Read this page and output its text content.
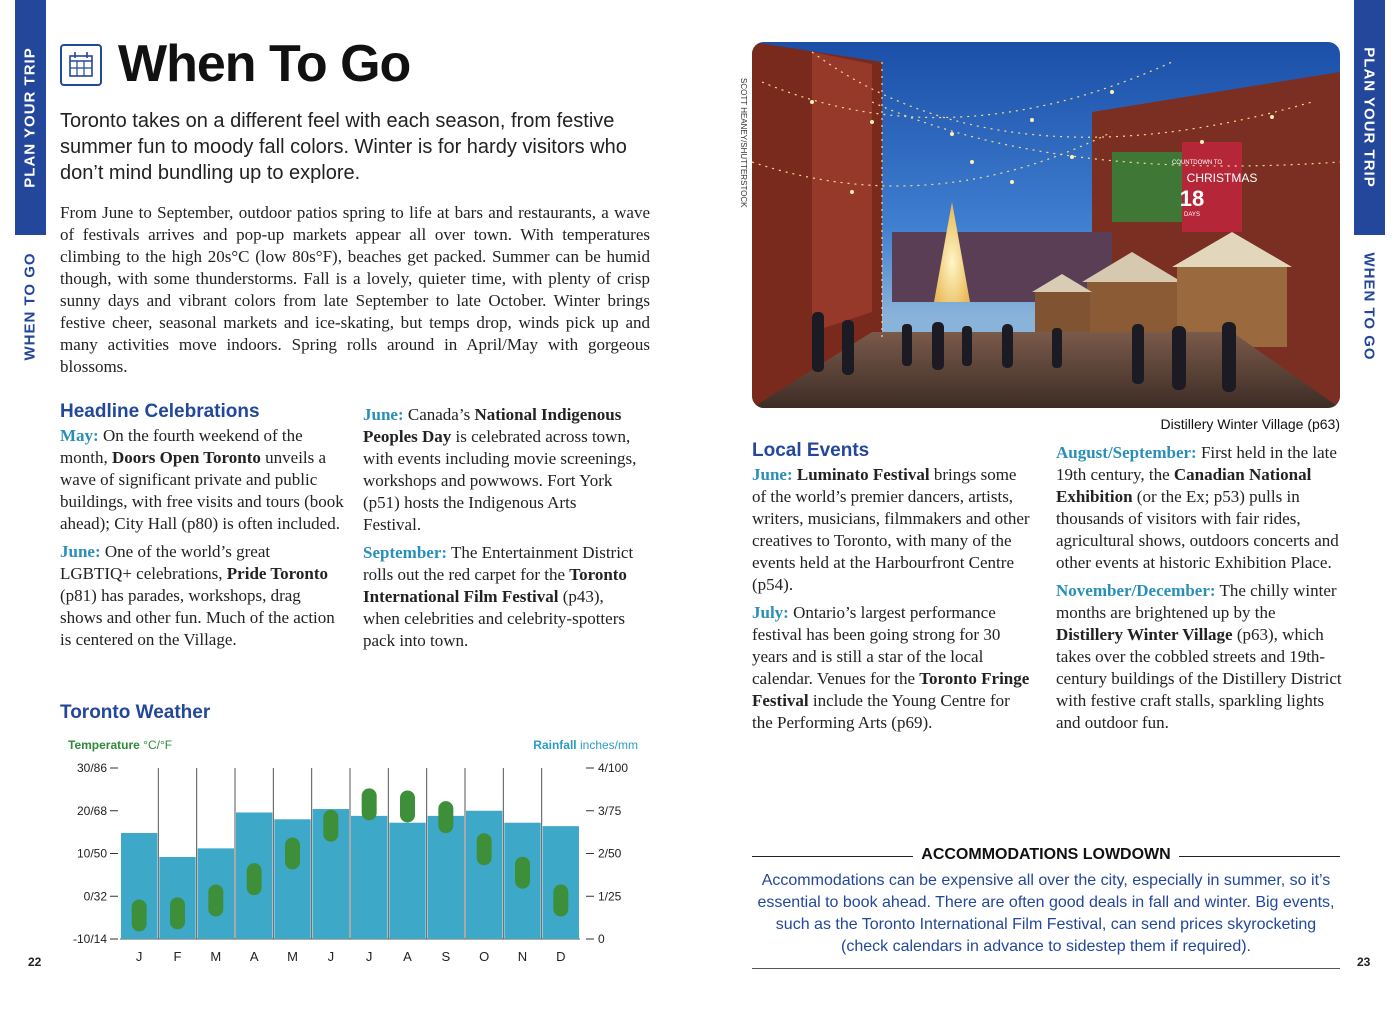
PLAN YOUR TRIP
WHEN TO GO
PLAN YOUR TRIP
WHEN TO GO
When To Go
Toronto takes on a different feel with each season, from festive summer fun to moody fall colors. Winter is for hardy visitors who don’t mind bundling up to explore.
From June to September, outdoor patios spring to life at bars and restaurants, a wave of festivals arrives and pop-up markets appear all over town. With temperatures climbing to the high 20s°C (low 80s°F), beaches get packed. Summer can be humid though, with some thunderstorms. Fall is a lovely, quieter time, with plenty of crisp sunny days and vibrant colors from late September to late October. Winter brings festive cheer, seasonal markets and ice-skating, but temps drop, winds pick up and many activities move indoors. Spring rolls around in April/May with gorgeous blossoms.
Headline Celebrations

May: On the fourth weekend of the month, Doors Open Toronto unveils a wave of significant private and public buildings, with free visits and tours (book ahead); City Hall (p80) is often included.

June: One of the world’s great LGBTIQ+ celebrations, Pride Toronto (p81) has parades, workshops, drag shows and other fun. Much of the action is centered on the Village.

June: Canada’s National Indigenous Peoples Day is celebrated across town, with events including movie screenings, workshops and powwows. Fort York (p51) hosts the Indigenous Arts Festival.

September: The Entertainment District rolls out the red carpet for the Toronto International Film Festival (p43), when celebrities and celebrity-spotters pack into town.

Toronto Weather
Temperature °C/°F	Rainfall inches/mm
30/86
20/68
10/50
0/32
-10/14
4/100
3/75
2/50
1/25
0
J F M A M J J A S O N D
22	23
SCOTT HEANEY/SHUTTERSTOCK	CHRISTMAS
COUNTDOWN TO
18
DAYS
Distillery Winter Village (p63)
Local Events

June: Luminato Festival brings some of the world’s premier dancers, artists, writers, musicians, filmmakers and other creatives to Toronto, with many of the events held at the Harbourfront Centre (p54).

July: Ontario’s largest performance festival has been going strong for 30 years and is still a star of the local calendar. Venues for the Toronto Fringe Festival include the Young Centre for the Performing Arts (p69).

August/September: First held in the late 19th century, the Canadian National Exhibition (or the Ex; p53) pulls in thousands of visitors with fair rides, agricultural shows, outdoors concerts and other events at historic Exhibition Place.

November/December: The chilly winter months are brightened up by the Distillery Winter Village (p63), which takes over the cobbled streets and 19th-century buildings of the Distillery District with festive craft stalls, sparkling lights and outdoor fun.

ACCOMMODATIONS LOWDOWN
Accommodations can be expensive all over the city, especially in summer, so it’s essential to book ahead. There are often good deals in fall and winter. Big events, such as the Toronto International Film Festival, can send prices skyrocketing (check calendars in advance to sidestep them if required).
